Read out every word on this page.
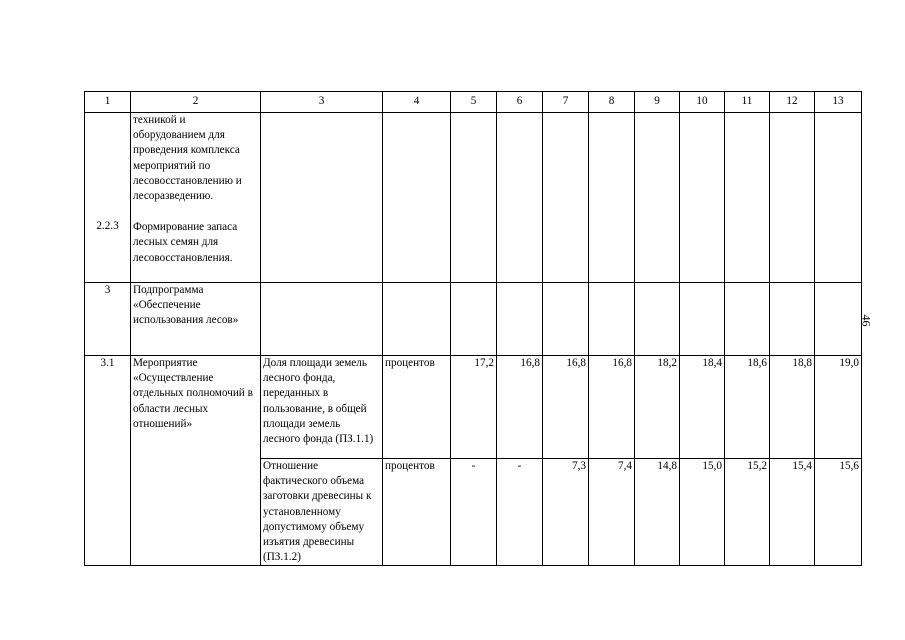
1	2	3	4	5	6	7	8	9	10	11	12	13
2.2.3	техникой и оборудованием для проведения комплекса мероприятий по лесовосстановлению и лесоразведению.
Формирование запаса лесных семян для лесовосстановления.											
3	Подпрограмма «Обеспечение использования лесов»											
3.1	Мероприятие «Осуществление отдельных полномочий в области лесных отношений»	Доля площади земель лесного фонда, переданных в пользование, в общей площади земель лесного фонда (ПЗ.1.1)	процентов	17,2	16,8	16,8	16,8	18,2	18,4	18,6	18,8	19,0
		Отношение фактического объема заготовки древесины к установленному допустимому объему изъятия древесины (ПЗ.1.2)	процентов	-	-	7,3	7,4	14,8	15,0	15,2	15,4	15,6
46
